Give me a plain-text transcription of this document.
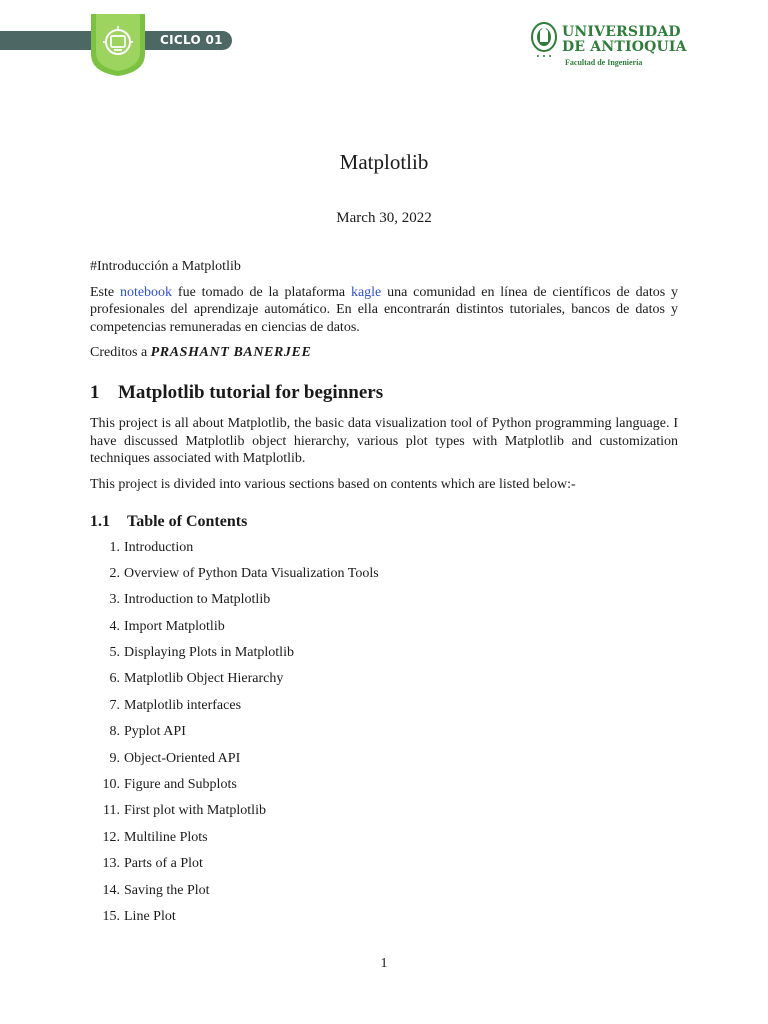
CICLO 01	UNIVERSIDAD
DE ANTIOQUIA
Facultad de Ingeniería
Matplotlib
March 30, 2022

#Introducción a Matplotlib

Este notebook fue tomado de la plataforma kagle una comunidad en línea de científicos de datos y profesionales del aprendizaje automático. En ella encontrarán distintos tutoriales, bancos de datos y competencias remuneradas en ciencias de datos.

Creditos a PRASHANT BANERJEE

1 Matplotlib tutorial for beginners

This project is all about Matplotlib, the basic data visualization tool of Python programming language. I have discussed Matplotlib object hierarchy, various plot types with Matplotlib and customization techniques associated with Matplotlib.

This project is divided into various sections based on contents which are listed below:-

1.1 Table of Contents
1. Introduction
2. Overview of Python Data Visualization Tools
3. Introduction to Matplotlib
4. Import Matplotlib
5. Displaying Plots in Matplotlib
6. Matplotlib Object Hierarchy
7. Matplotlib interfaces
8. Pyplot API
9. Object-Oriented API
10. Figure and Subplots
11. First plot with Matplotlib
12. Multiline Plots
13. Parts of a Plot
14. Saving the Plot
15. Line Plot
1
